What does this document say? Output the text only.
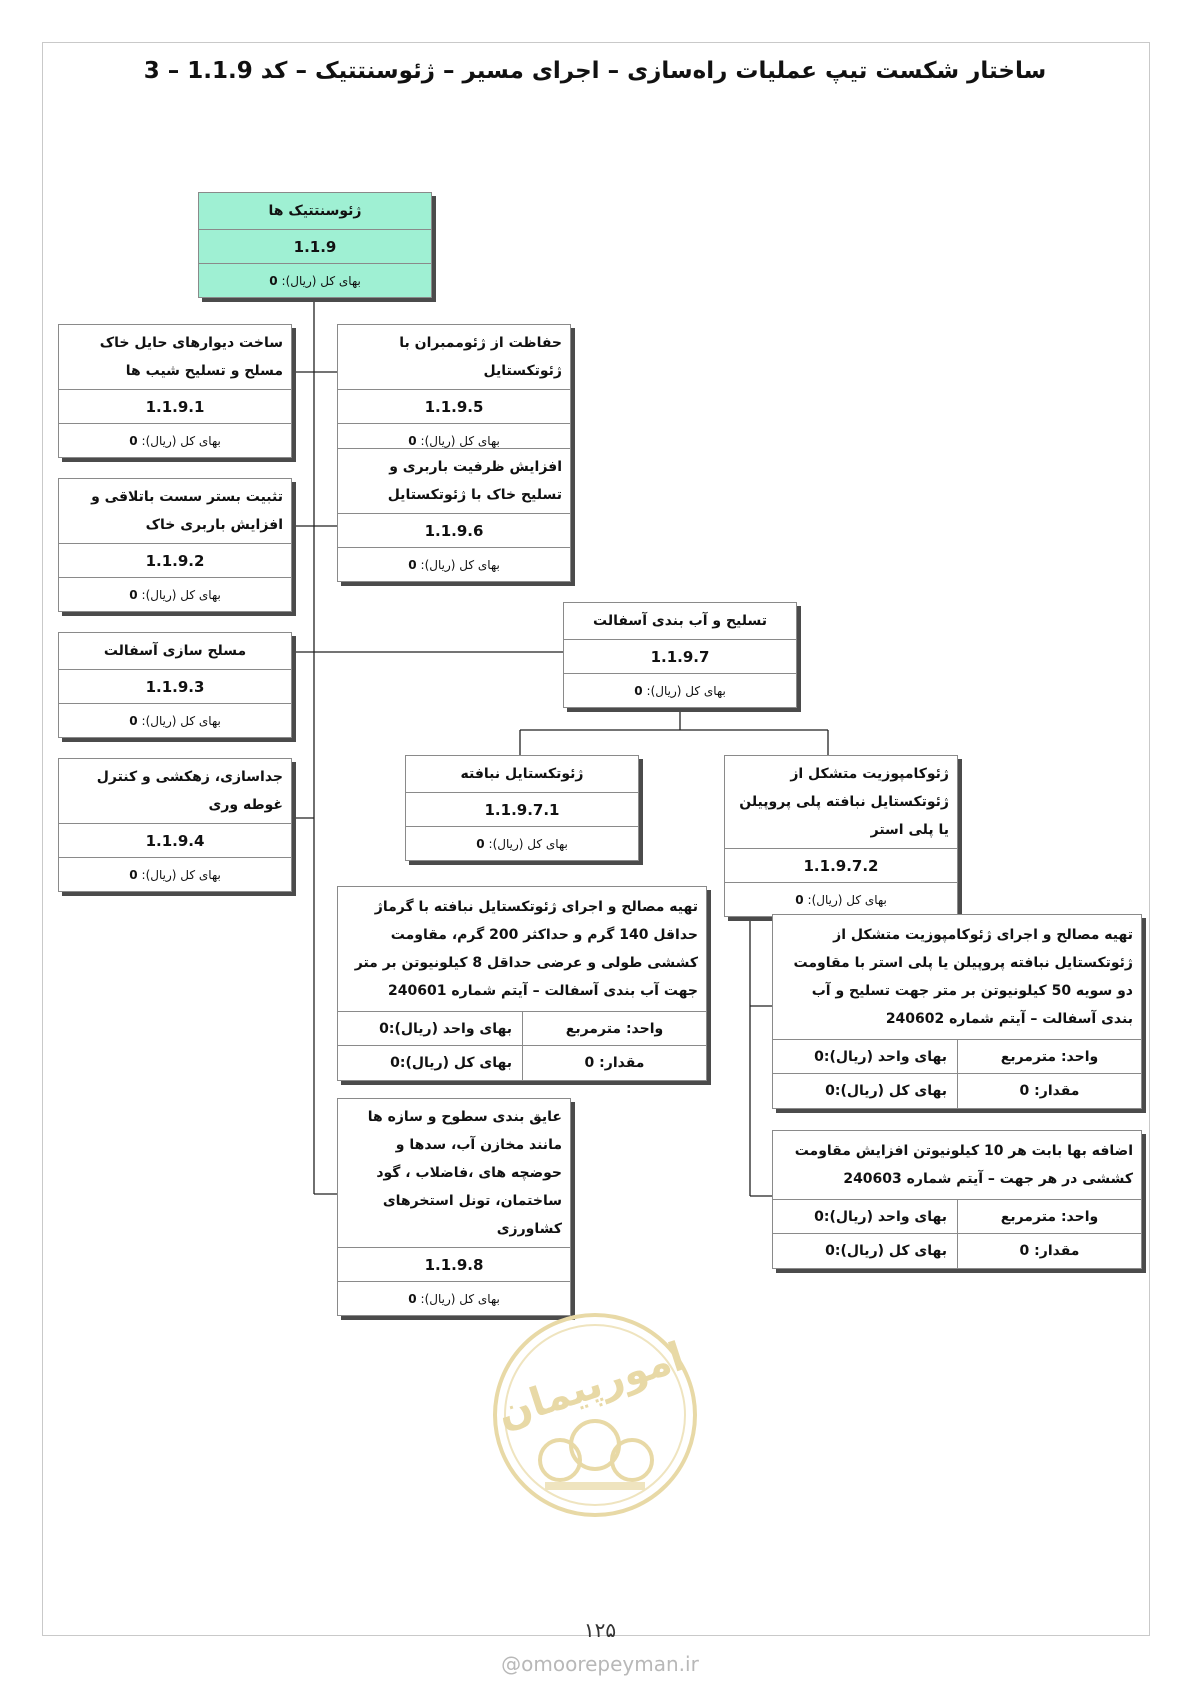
ساختار شکست تیپ عملیات راه‌سازی – اجرای مسیر – ژئوسنتتیک – کد 1.1.9 – 3
ژئوسنتتیک ها
1.1.9
بهای کل (ریال):
0
ساخت دیوارهای حایل خاک مسلح و تسلیح شیب ها
1.1.9.1
بهای کل (ریال):
0
تثبیت بستر سست باتلاقی و افزایش باربری خاک
1.1.9.2
بهای کل (ریال):
0
مسلح سازی آسفالت
1.1.9.3
بهای کل (ریال):
0
جداسازی، زهکشی و کنترل غوطه وری
1.1.9.4
بهای کل (ریال):
0
حفاظت از ژئوممبران با ژئوتکستایل
1.1.9.5
بهای کل (ریال):
0
افزایش ظرفیت باربری و تسلیح خاک با ژئوتکستایل
1.1.9.6
بهای کل (ریال):
0
عایق بندی سطوح و سازه ها مانند مخازن آب، سدها و حوضچه های ،فاضلاب ، گود ساختمان، تونل استخرهای کشاورزی
1.1.9.8
بهای کل (ریال):
0
تسلیح و آب بندی آسفالت
1.1.9.7
بهای کل (ریال):
0
ژئوتکستایل نبافته
1.1.9.7.1
بهای کل (ریال):
0
ژئوکامپوزیت متشکل از ژئوتکستایل نبافته پلی پروپیلن یا پلی استر
1.1.9.7.2
بهای کل (ریال):
0
تهیه مصالح و اجرای ژئوتکستایل نبافته با گرماژ حداقل 140 گرم و حداکثر 200 گرم، مقاومت کششی طولی و عرضی حداقل 8 کیلونیوتن بر متر جهت آب بندی آسفالت – آیتم شماره 240601
واحد: مترمربع
بهای واحد (ریال):0
مقدار: 0
بهای کل (ریال):0
تهیه مصالح و اجرای ژئوکامپوزیت متشکل از ژئوتکستایل نبافته پروپیلن یا پلی استر با مقاومت دو سویه 50 کیلونیوتن بر متر جهت تسلیح و آب بندی آسفالت – آیتم شماره 240602
واحد: مترمربع
بهای واحد (ریال):0
مقدار: 0
بهای کل (ریال):0
اضافه بها بابت هر 10 کیلونیوتن افزایش مقاومت کششی در هر جهت – آیتم شماره 240603
واحد: مترمربع
بهای واحد (ریال):0
مقدار: 0
بهای کل (ریال):0
امورپیمان
۱۲۵
@omoorepeyman.ir
